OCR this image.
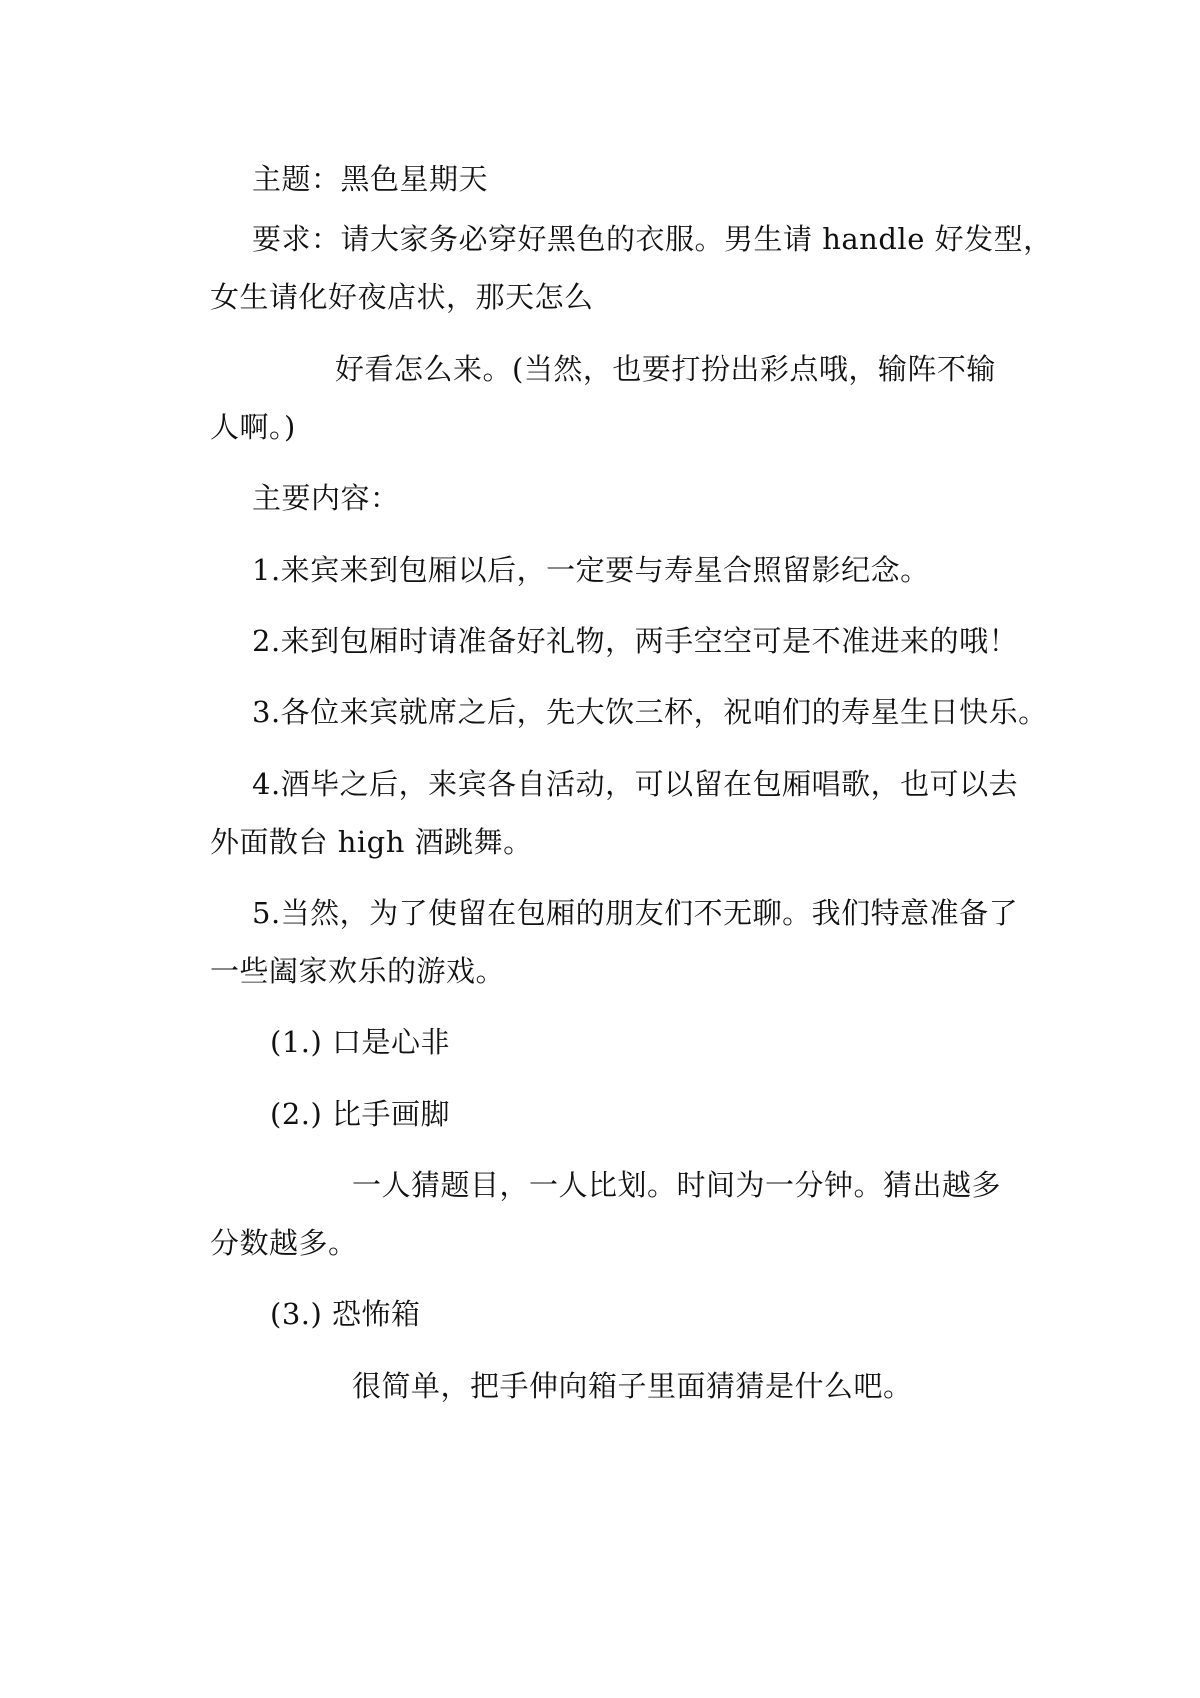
主题：黑色星期天
要求：请大家务必穿好黑色的衣服。男生请 handle 好发型，
女生请化好夜店状，那天怎么
好看怎么来。(当然，也要打扮出彩点哦，输阵不输
人啊。)
主要内容：
1.来宾来到包厢以后，一定要与寿星合照留影纪念。
2.来到包厢时请准备好礼物，两手空空可是不准进来的哦！
3.各位来宾就席之后，先大饮三杯，祝咱们的寿星生日快乐。
4.酒毕之后，来宾各自活动，可以留在包厢唱歌，也可以去
外面散台 high 酒跳舞。
5.当然，为了使留在包厢的朋友们不无聊。我们特意准备了
一些阖家欢乐的游戏。
(1.) 口是心非
(2.) 比手画脚
一人猜题目，一人比划。时间为一分钟。猜出越多
分数越多。
(3.) 恐怖箱
很简单，把手伸向箱子里面猜猜是什么吧。
